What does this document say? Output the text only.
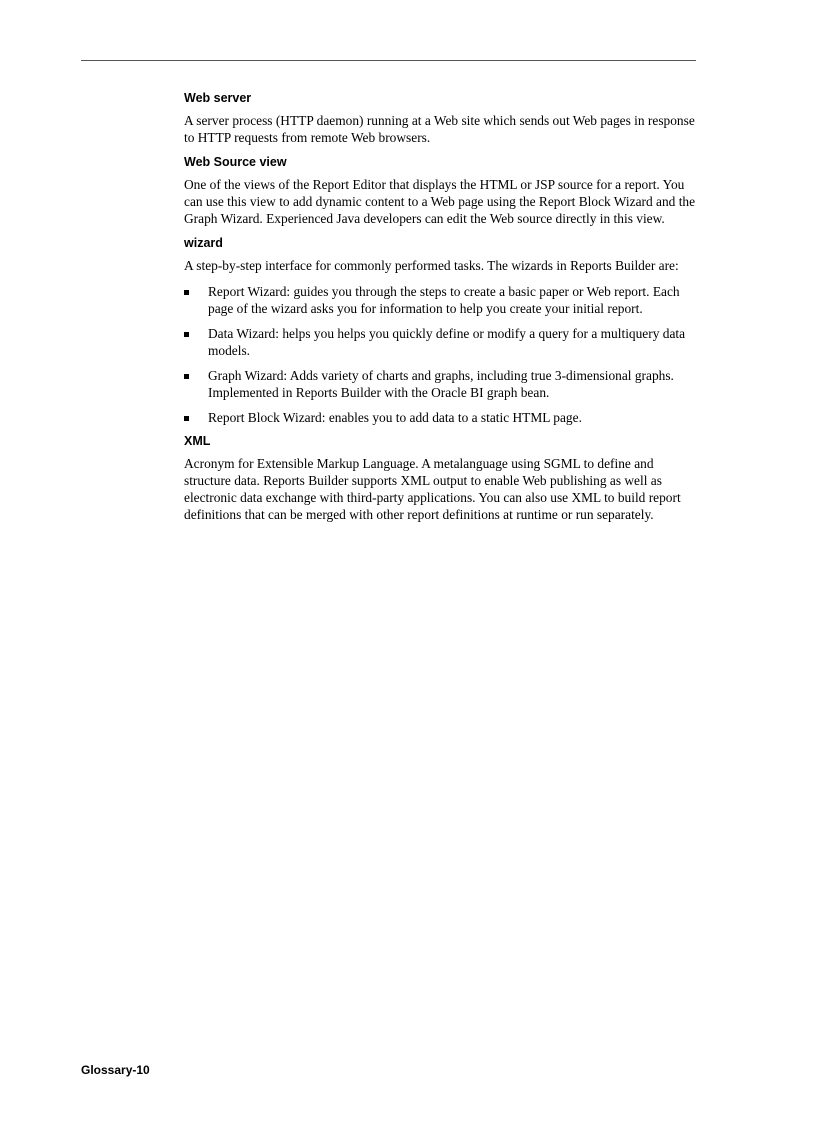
Web server

A server process (HTTP daemon) running at a Web site which sends out Web pages in response to HTTP requests from remote Web browsers.

Web Source view

One of the views of the Report Editor that displays the HTML or JSP source for a report. You can use this view to add dynamic content to a Web page using the Report Block Wizard and the Graph Wizard. Experienced Java developers can edit the Web source directly in this view.

wizard

A step-by-step interface for commonly performed tasks. The wizards in Reports Builder are:

Report Wizard: guides you through the steps to create a basic paper or Web report. Each page of the wizard asks you for information to help you create your initial report.
Data Wizard: helps you helps you quickly define or modify a query for a multiquery data models.
Graph Wizard: Adds variety of charts and graphs, including true 3-dimensional graphs. Implemented in Reports Builder with the Oracle BI graph bean.
Report Block Wizard: enables you to add data to a static HTML page.
XML

Acronym for Extensible Markup Language. A metalanguage using SGML to define and structure data. Reports Builder supports XML output to enable Web publishing as well as electronic data exchange with third-party applications. You can also use XML to build report definitions that can be merged with other report definitions at runtime or run separately.

Glossary-10
